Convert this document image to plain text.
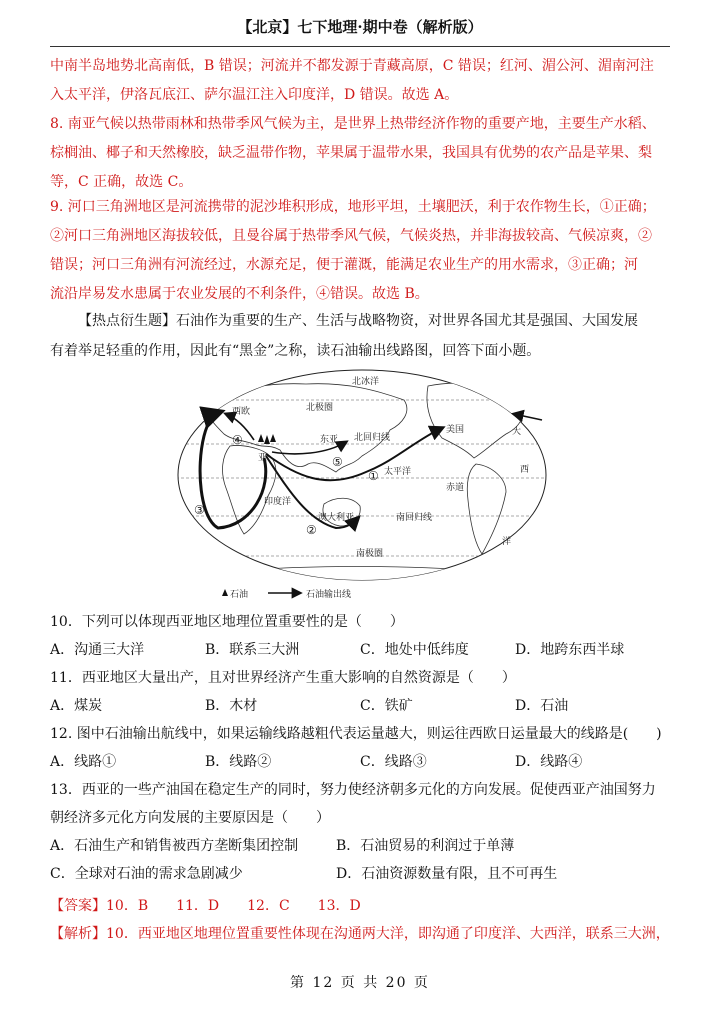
【北京】七下地理·期中卷（解析版）

中南半岛地势北高南低，B 错误；河流并不都发源于青藏高原，C 错误；红河、湄公河、湄南河注

入太平洋，伊洛瓦底江、萨尔温江注入印度洋，D 错误。故选 A。

8. 南亚气候以热带雨林和热带季风气候为主，是世界上热带经济作物的重要产地，主要生产水稻、

棕榈油、椰子和天然橡胶，缺乏温带作物，苹果属于温带水果，我国具有优势的农产品是苹果、梨

等，C 正确，故选 C。

9. 河口三角洲地区是河流携带的泥沙堆积形成，地形平坦，土壤肥沃，利于农作物生长，①正确；

②河口三角洲地区海拔较低，且曼谷属于热带季风气候，气候炎热，并非海拔较高、气候凉爽，②

错误；河口三角洲有河流经过，水源充足，便于灌溉，能满足农业生产的用水需求，③正确；河

流沿岸易发水患属于农业发展的不利条件，④错误。故选 B。

【热点衍生题】石油作为重要的生产、生活与战略物资，对世界各国尤其是强国、大国发展

有着举足轻重的作用，因此有“黑金”之称，读石油输出线路图，回答下面小题。

①
②
③
④
⑤
北冰洋
北极圈
西欧
东亚 北回归线
美国
太平洋
亚
赤道
印度洋
澳大利亚	南回归线
南极圈
大
西
洋
石油	石油输出线
10．下列可以体现西亚地区地理位置重要性的是（　　）
A．沟通三大洋	B．联系三大洲	C．地处中低纬度	D．地跨东西半球
11．西亚地区大量出产，且对世界经济产生重大影响的自然资源是（　　）
A．煤炭	B．木材	C．铁矿	D．石油
12. 图中石油输出航线中，如果运输线路越粗代表运量越大，则运往西欧日运量最大的线路是(　　)
A．线路①	B．线路②	C．线路③	D．线路④
13．西亚的一些产油国在稳定生产的同时，努力使经济朝多元化的方向发展。促使西亚产油国努力
朝经济多元化方向发展的主要原因是（　　）
A．石油生产和销售被西方垄断集团控制	B．石油贸易的利润过于单薄
C．全球对石油的需求急剧减少	D．石油资源数量有限，且不可再生
【答案】10．B　　11．D　　12．C　　13．D
【解析】10．西亚地区地理位置重要性体现在沟通两大洋，即沟通了印度洋、大西洋，联系三大洲，
第 12 页 共 20 页
